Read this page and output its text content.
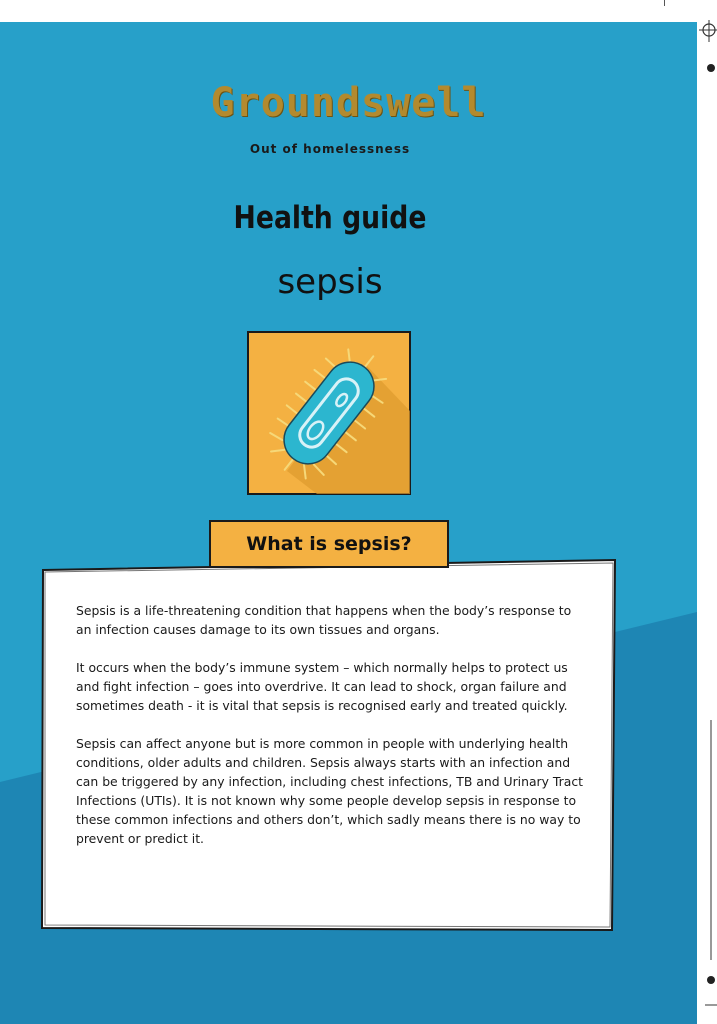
Groundswell
Out of homelessness
Health guide
sepsis
What is sepsis?

Sepsis is a life-threatening condition that happens when the body’s response to an infection causes damage to its own tissues and organs.

It occurs when the body’s immune system – which normally helps to protect us and fight infection – goes into overdrive. It can lead to shock, organ failure and sometimes death - it is vital that sepsis is recognised early and treated quickly.

Sepsis can affect anyone but is more common in people with underlying health conditions, older adults and children. Sepsis always starts with an infection and can be triggered by any infection, including chest infections, TB and Urinary Tract Infections (UTIs). It is not known why some people develop sepsis in response to these common infections and others don’t, which sadly means there is no way to prevent or predict it.
